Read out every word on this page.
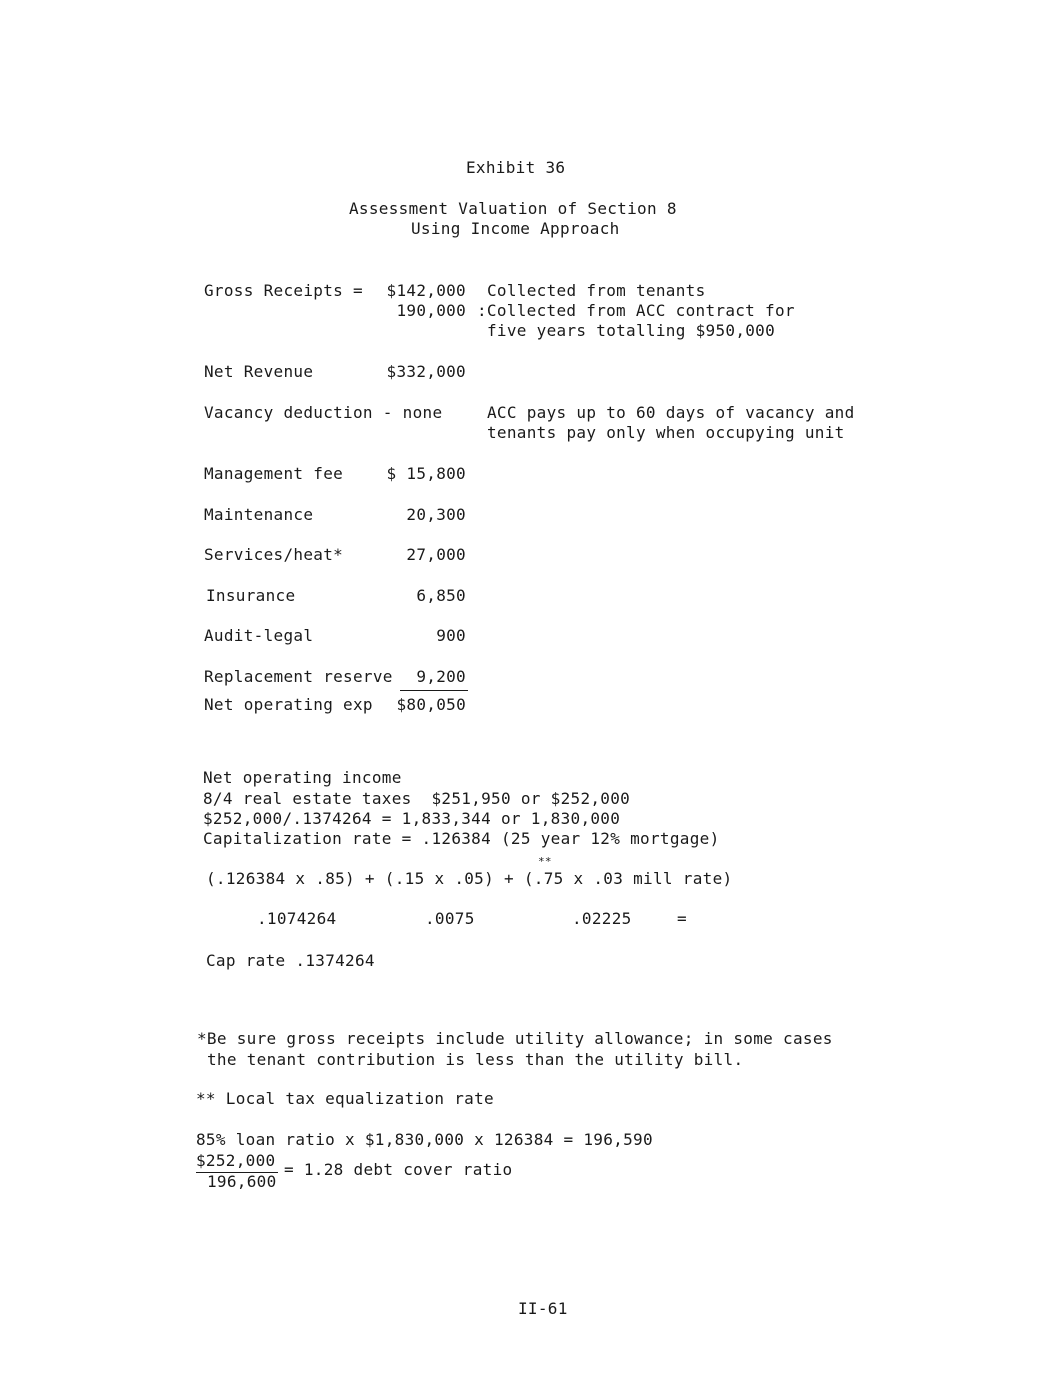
Exhibit 36
Assessment Valuation of Section 8
Using Income Approach
Gross Receipts =	$142,000 Collected from tenants
190,000 :Collected from ACC contract for
five years totalling $950,000
Net Revenue	$332,000
Vacancy deduction - none	ACC pays up to 60 days of vacancy and
tenants pay only when occupying unit
Management fee	$ 15,800
Maintenance	20,300
Services/heat*	27,000
Insurance	6,850
Audit-legal	900
Replacement reserve	9,200
Net operating exp	$80,050
Net operating income
8/4 real estate taxes  $251,950 or $252,000
$252,000/.1374264 = 1,833,344 or 1,830,000
Capitalization rate = .126384 (25 year 12% mortgage)
**
(.126384 x .85) + (.15 x .05) + (.75 x .03 mill rate)
.1074264	.0075	.02225	=
Cap rate .1374264
*Be sure gross receipts include utility allowance; in some cases
the tenant contribution is less than the utility bill.
** Local tax equalization rate
85% loan ratio x $1,830,000 x 126384 = 196,590
$252,000
196,600
= 1.28 debt cover ratio
II-61
